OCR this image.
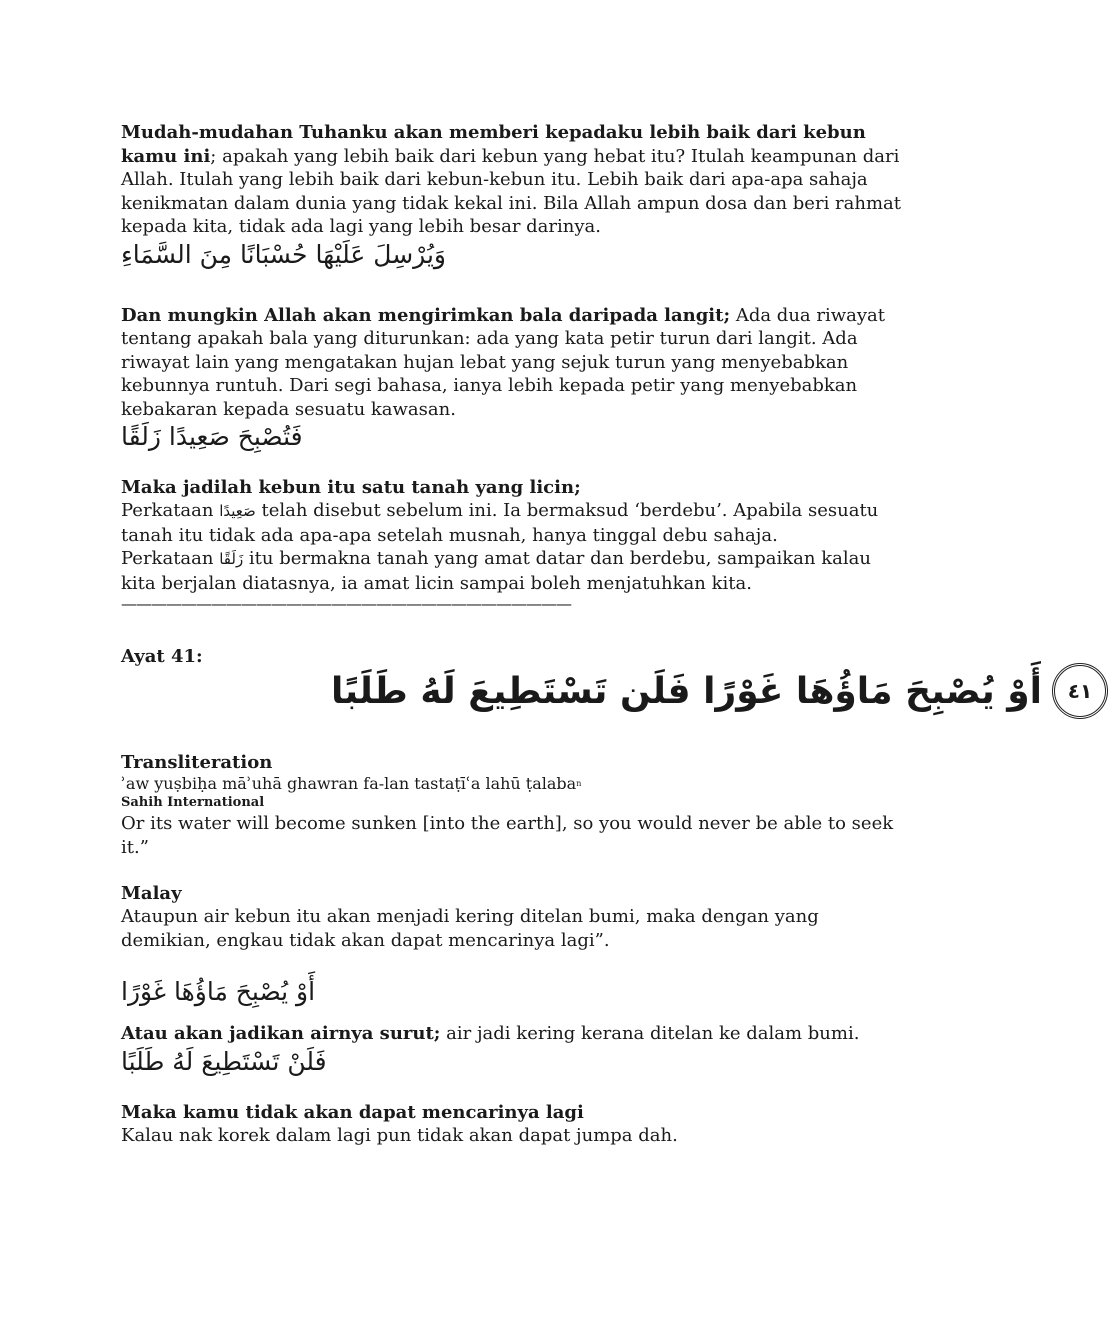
Mudah-mudahan Tuhanku akan memberi kepadaku lebih baik dari kebun kamu ini; apakah yang lebih baik dari kebun yang hebat itu? Itulah keampunan dari Allah. Itulah yang lebih baik dari kebun-kebun itu. Lebih baik dari apa-apa sahaja kenikmatan dalam dunia yang tidak kekal ini. Bila Allah ampun dosa dan beri rahmat kepada kita, tidak ada lagi yang lebih besar darinya.

وَيُرْسِلَ عَلَيْهَا حُسْبَانًا مِنَ السَّمَاءِ

Dan mungkin Allah akan mengirimkan bala daripada langit; Ada dua riwayat tentang apakah bala yang diturunkan: ada yang kata petir turun dari langit. Ada riwayat lain yang mengatakan hujan lebat yang sejuk turun yang menyebabkan kebunnya runtuh. Dari segi bahasa, ianya lebih kepada petir yang menyebabkan kebakaran kepada sesuatu kawasan.

فَتُصْبِحَ صَعِيدًا زَلَقًا

Maka jadilah kebun itu satu tanah yang licin;

Perkataan صَعِيدًا telah disebut sebelum ini. Ia bermaksud ‘berdebu’. Apabila sesuatu tanah itu tidak ada apa-apa setelah musnah, hanya tinggal debu sahaja.

Perkataan زَلَقًا itu bermakna tanah yang amat datar dan berdebu, sampaikan kalau kita berjalan diatasnya, ia amat licin sampai boleh menjatuhkan kita.

——————————————————————————————
Ayat 41:
٤١
أَوْ يُصْبِحَ مَاؤُهَا غَوْرًا فَلَن تَسْتَطِيعَ لَهُ طَلَبًا

Transliteration

ʾaw yuṣbiḥa māʾuhā ghawran fa-lan tastaṭīʿa lahū ṭalaba$^n$

Sahih International

Or its water will become sunken [into the earth], so you would never be able to seek it.”

Malay

Ataupun air kebun itu akan menjadi kering ditelan bumi, maka dengan yang demikian, engkau tidak akan dapat mencarinya lagi”.

أَوْ يُصْبِحَ مَاؤُهَا غَوْرًا

Atau akan jadikan airnya surut; air jadi kering kerana ditelan ke dalam bumi.

فَلَنْ تَسْتَطِيعَ لَهُ طَلَبًا

Maka kamu tidak akan dapat mencarinya lagi

Kalau nak korek dalam lagi pun tidak akan dapat jumpa dah.
